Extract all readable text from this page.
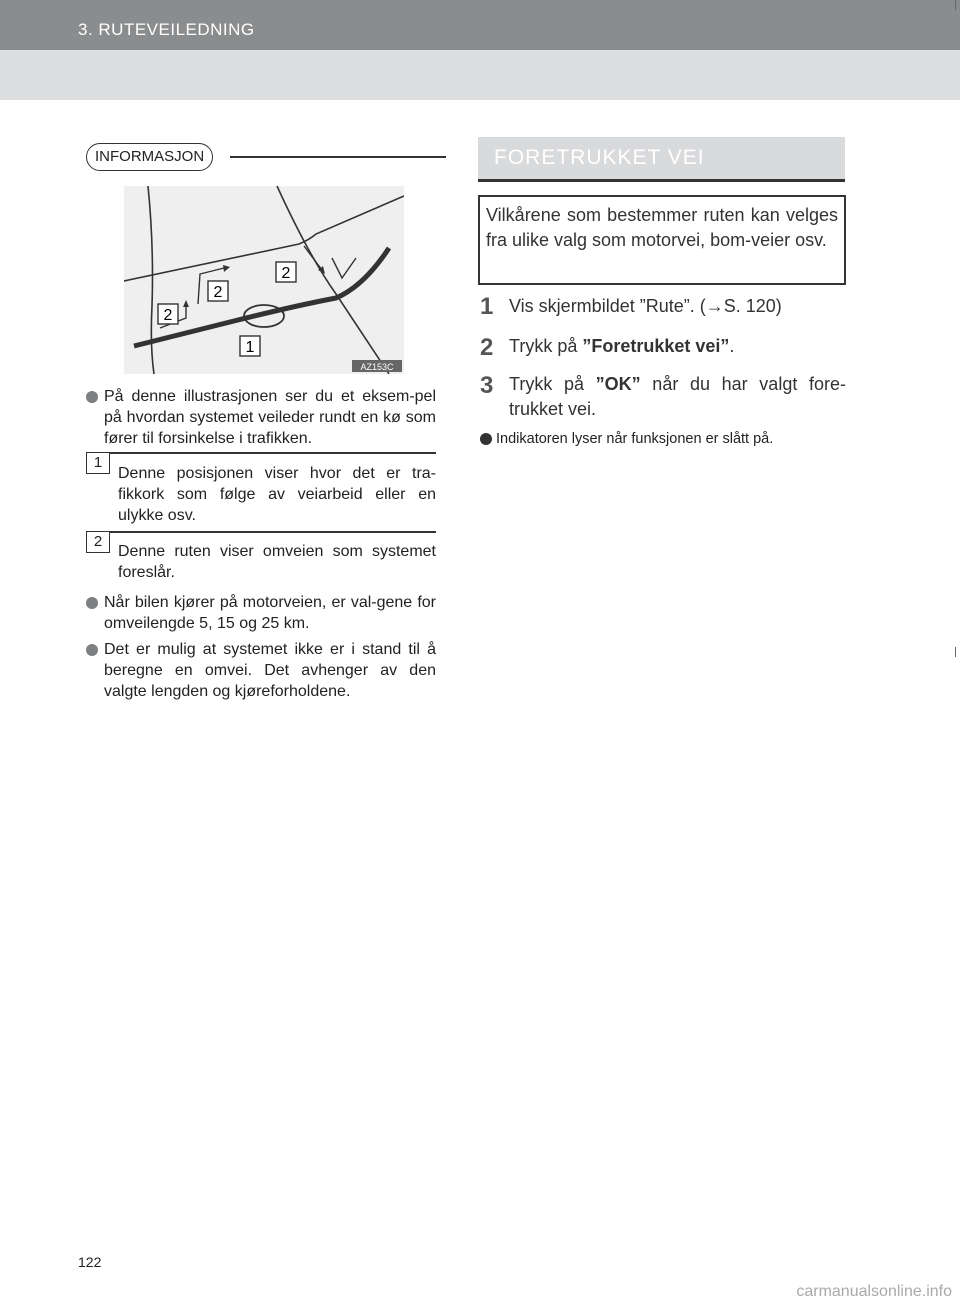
3. RUTEVEILEDNING
INFORMASJON
2
2
2
1
AZ153C
På denne illustrasjonen ser du et eksem-pel på hvordan systemet veileder rundt en kø som fører til forsinkelse i trafikken.
1
Denne posisjonen viser hvor det er tra-fikkork som følge av veiarbeid eller en ulykke osv.
2
Denne ruten viser omveien som systemet foreslår.
Når bilen kjører på motorveien, er val-gene for omveilengde 5, 15 og 25 km.
Det er mulig at systemet ikke er i stand til å beregne en omvei. Det avhenger av den valgte lengden og kjøreforholdene.
FORETRUKKET VEI
Vilkårene som bestemmer ruten kan velges fra ulike valg som motorvei, bom-veier osv.
1 Vis skjermbildet ”Rute”. (→S. 120)
2 Trykk på ”Foretrukket vei”.
3 Trykk på ”OK” når du har valgt fore-trukket vei.
Indikatoren lyser når funksjonen er slått på.
122
carmanualsonline.info
